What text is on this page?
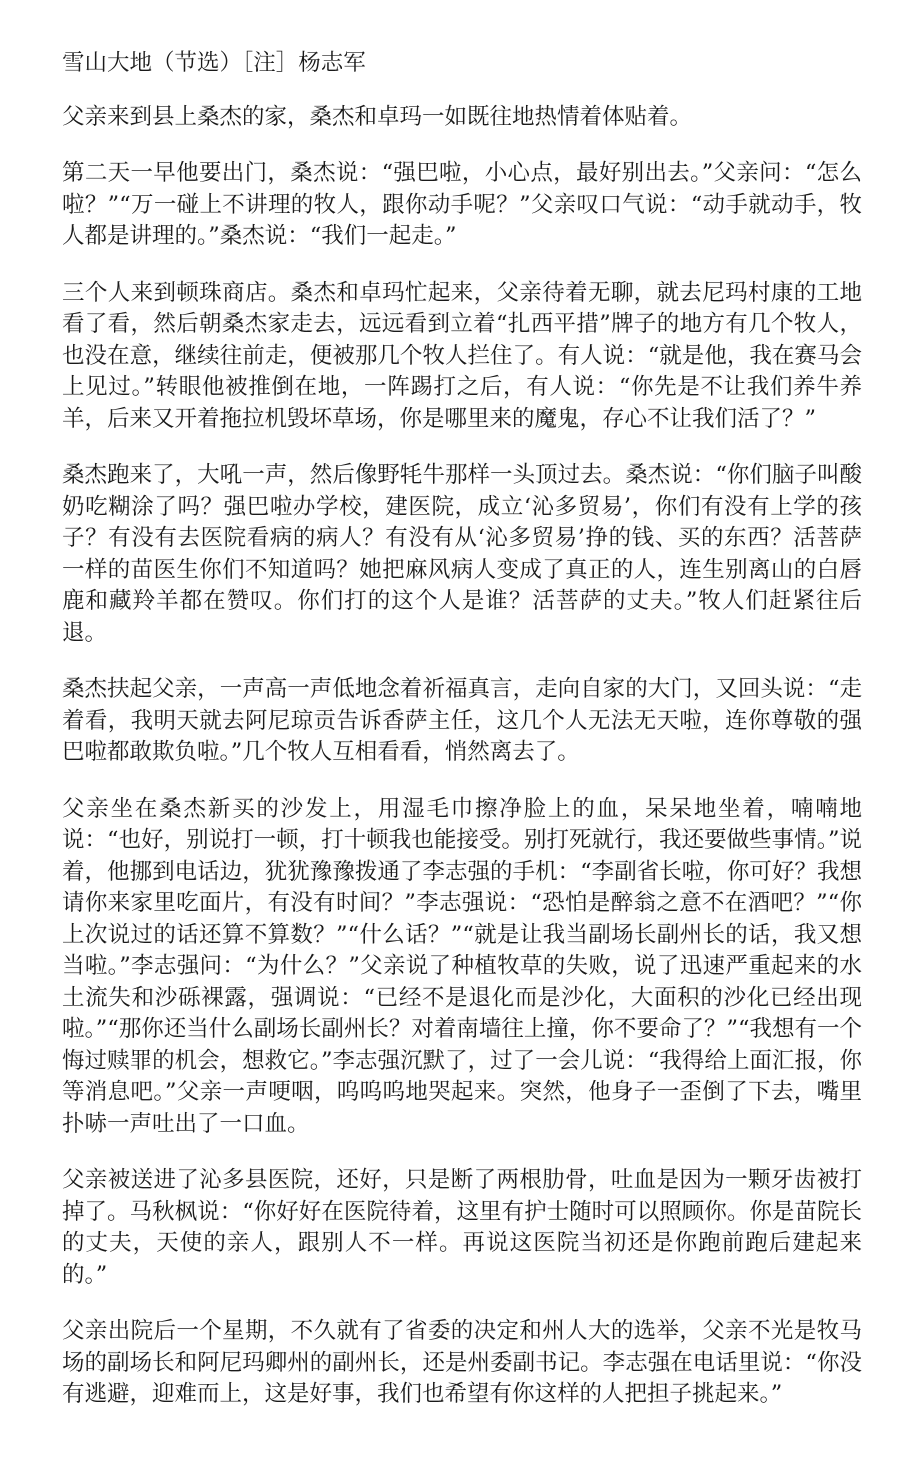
雪山大地（节选）［注］杨志军

父亲来到县上桑杰的家，桑杰和卓玛一如既往地热情着体贴着。

第二天一早他要出门，桑杰说：“强巴啦，小心点，最好别出去。”父亲问：“怎么啦？”“万一碰上不讲理的牧人，跟你动手呢？”父亲叹口气说：“动手就动手，牧人都是讲理的。”桑杰说：“我们一起走。”

三个人来到顿珠商店。桑杰和卓玛忙起来，父亲待着无聊，就去尼玛村康的工地看了看，然后朝桑杰家走去，远远看到立着“扎西平措”牌子的地方有几个牧人，也没在意，继续往前走，便被那几个牧人拦住了。有人说：“就是他，我在赛马会上见过。”转眼他被推倒在地，一阵踢打之后，有人说：“你先是不让我们养牛养羊，后来又开着拖拉机毁坏草场，你是哪里来的魔鬼，存心不让我们活了？”

桑杰跑来了，大吼一声，然后像野牦牛那样一头顶过去。桑杰说：“你们脑子叫酸奶吃糊涂了吗？强巴啦办学校，建医院，成立‘沁多贸易’，你们有没有上学的孩子？有没有去医院看病的病人？有没有从‘沁多贸易’挣的钱、买的东西？活菩萨一样的苗医生你们不知道吗？她把麻风病人变成了真正的人，连生别离山的白唇鹿和藏羚羊都在赞叹。你们打的这个人是谁？活菩萨的丈夫。”牧人们赶紧往后退。

桑杰扶起父亲，一声高一声低地念着祈福真言，走向自家的大门，又回头说：“走着看，我明天就去阿尼琼贡告诉香萨主任，这几个人无法无天啦，连你尊敬的强巴啦都敢欺负啦。”几个牧人互相看看，悄然离去了。

父亲坐在桑杰新买的沙发上，用湿毛巾擦净脸上的血，呆呆地坐着，喃喃地说：“也好，别说打一顿，打十顿我也能接受。别打死就行，我还要做些事情。”说着，他挪到电话边，犹犹豫豫拨通了李志强的手机：“李副省长啦，你可好？我想请你来家里吃面片，有没有时间？”李志强说：“恐怕是醉翁之意不在酒吧？”“你上次说过的话还算不算数？”“什么话？”“就是让我当副场长副州长的话，我又想当啦。”李志强问：“为什么？”父亲说了种植牧草的失败，说了迅速严重起来的水土流失和沙砾裸露，强调说：“已经不是退化而是沙化，大面积的沙化已经出现啦。”“那你还当什么副场长副州长？对着南墙往上撞，你不要命了？”“我想有一个悔过赎罪的机会，想救它。”李志强沉默了，过了一会儿说：“我得给上面汇报，你等消息吧。”父亲一声哽咽，呜呜呜地哭起来。突然，他身子一歪倒了下去，嘴里扑哧一声吐出了一口血。

父亲被送进了沁多县医院，还好，只是断了两根肋骨，吐血是因为一颗牙齿被打掉了。马秋枫说：“你好好在医院待着，这里有护士随时可以照顾你。你是苗院长的丈夫，天使的亲人，跟别人不一样。再说这医院当初还是你跑前跑后建起来的。”

父亲出院后一个星期，不久就有了省委的决定和州人大的选举，父亲不光是牧马场的副场长和阿尼玛卿州的副州长，还是州委副书记。李志强在电话里说：“你没有逃避，迎难而上，这是好事，我们也希望有你这样的人把担子挑起来。”
